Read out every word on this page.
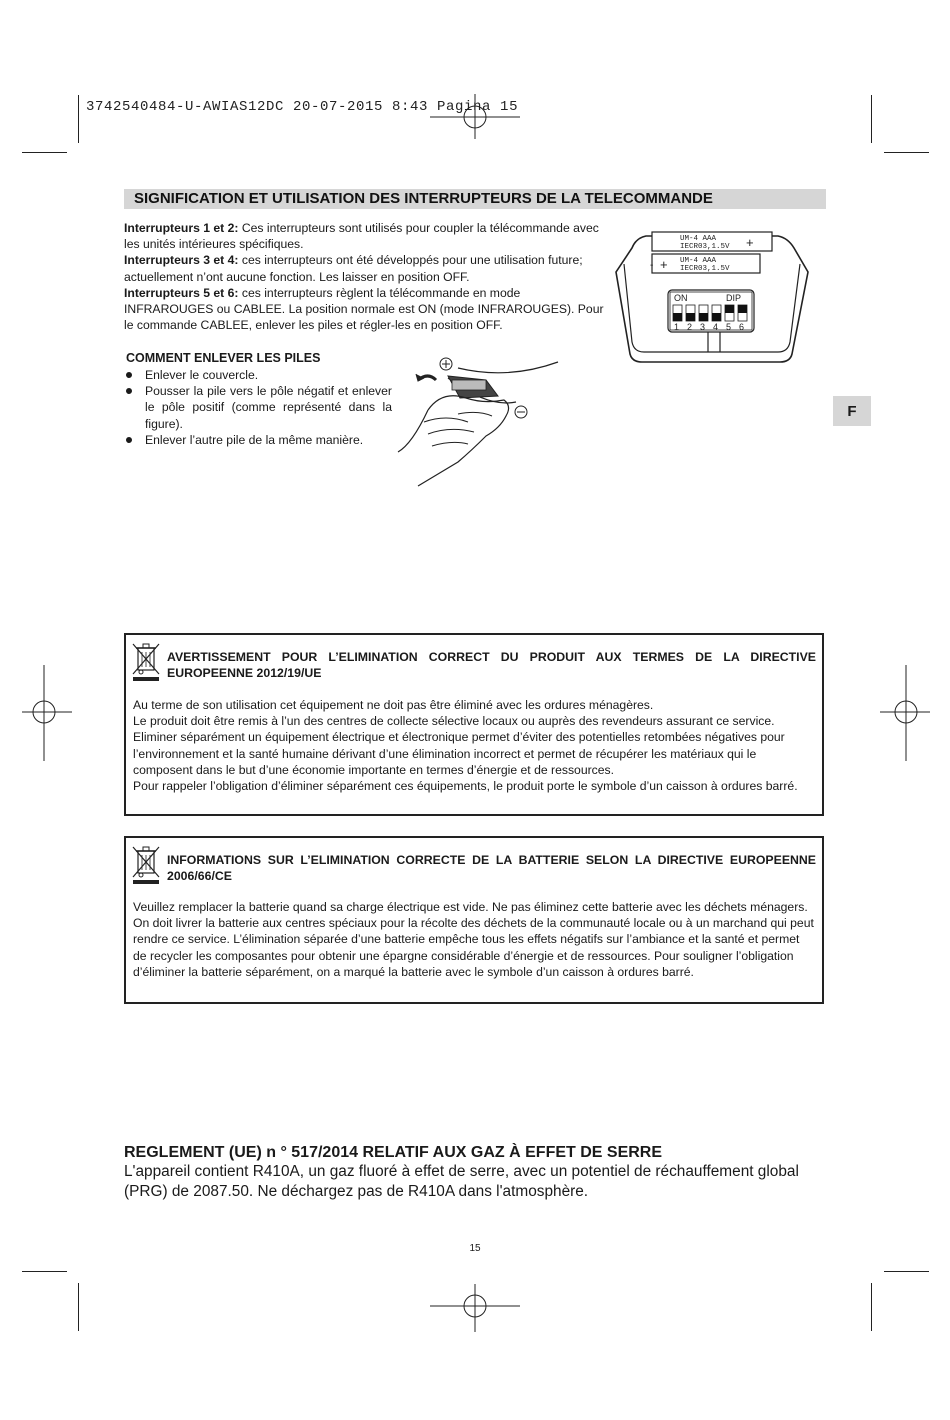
3742540484-U-AWIAS12DC 20-07-2015 8:43 Pagina 15
SIGNIFICATION ET UTILISATION DES INTERRUPTEURS DE LA TELECOMMANDE
Interrupteurs 1 et 2: Ces interrupteurs sont utilisés pour coupler la télécommande avec les unités intérieures spécifiques.
Interrupteurs 3 et 4: ces interrupteurs ont été développés pour une utilisation future; actuellement n’ont aucune fonction. Les laisser en position OFF.
Interrupteurs 5 et 6: ces interrupteurs règlent la télécommande en mode INFRAROUGES ou CABLEE. La position normale est ON (mode INFRAROUGES). Pour le commande CABLEE, enlever les piles et régler-les en position OFF.
UM-4 AAA
IECR03,1.5V +
UM-4 AAA
IECR03,1.5V
+
-
ON	DIP
1 2 3 4 5 6
COMMENT ENLEVER LES PILES
Enlever le couvercle.
Pousser la pile vers le pôle négatif et enlever le pôle positif (comme représenté dans la figure).
Enlever l’autre pile de la même manière.
F
AVERTISSEMENT POUR L’ELIMINATION CORRECT DU PRODUIT AUX TERMES DE LA DIRECTIVE EUROPEENNE 2012/19/UE
Au terme de son utilisation cet équipement ne doit pas être éliminé avec les ordures ménagères.
Le produit doit être remis à l’un des centres de collecte sélective locaux ou auprès des revendeurs assurant ce service.
Eliminer séparément un équipement électrique et électronique permet d’éviter des potentielles retombées négatives pour l’environnement et la santé humaine dérivant d’une élimination incorrect et permet de récupérer les matériaux qui le composent dans le but d’une économie importante en termes d’énergie et de ressources.
Pour rappeler l’obligation d’éliminer séparément ces équipements, le produit porte le symbole d’un caisson à ordures barré.
INFORMATIONS SUR L’ELIMINATION CORRECTE DE LA BATTERIE SELON LA DIRECTIVE EUROPEENNE 2006/66/CE
Veuillez remplacer la batterie quand sa charge électrique est vide. Ne pas éliminez cette batterie avec les déchets ménagers. On doit livrer la batterie aux centres spéciaux pour la récolte des déchets de la communauté locale ou à un marchand qui peut rendre ce service. L’élimination séparée d’une batterie empêche tous les effets négatifs sur l’ambiance et la santé et permet de recycler les composantes pour obtenir une épargne considérable d’énergie et de ressources. Pour souligner l’obligation d’éliminer la batterie séparément, on a marqué la batterie avec le symbole d’un caisson à ordures barré.
REGLEMENT (UE) n ° 517/2014 RELATIF AUX GAZ À EFFET DE SERRE
L'appareil contient R410A, un gaz fluoré à effet de serre, avec un potentiel de réchauffement global (PRG) de 2087.50. Ne déchargez pas de R410A dans l'atmosphère.
15
